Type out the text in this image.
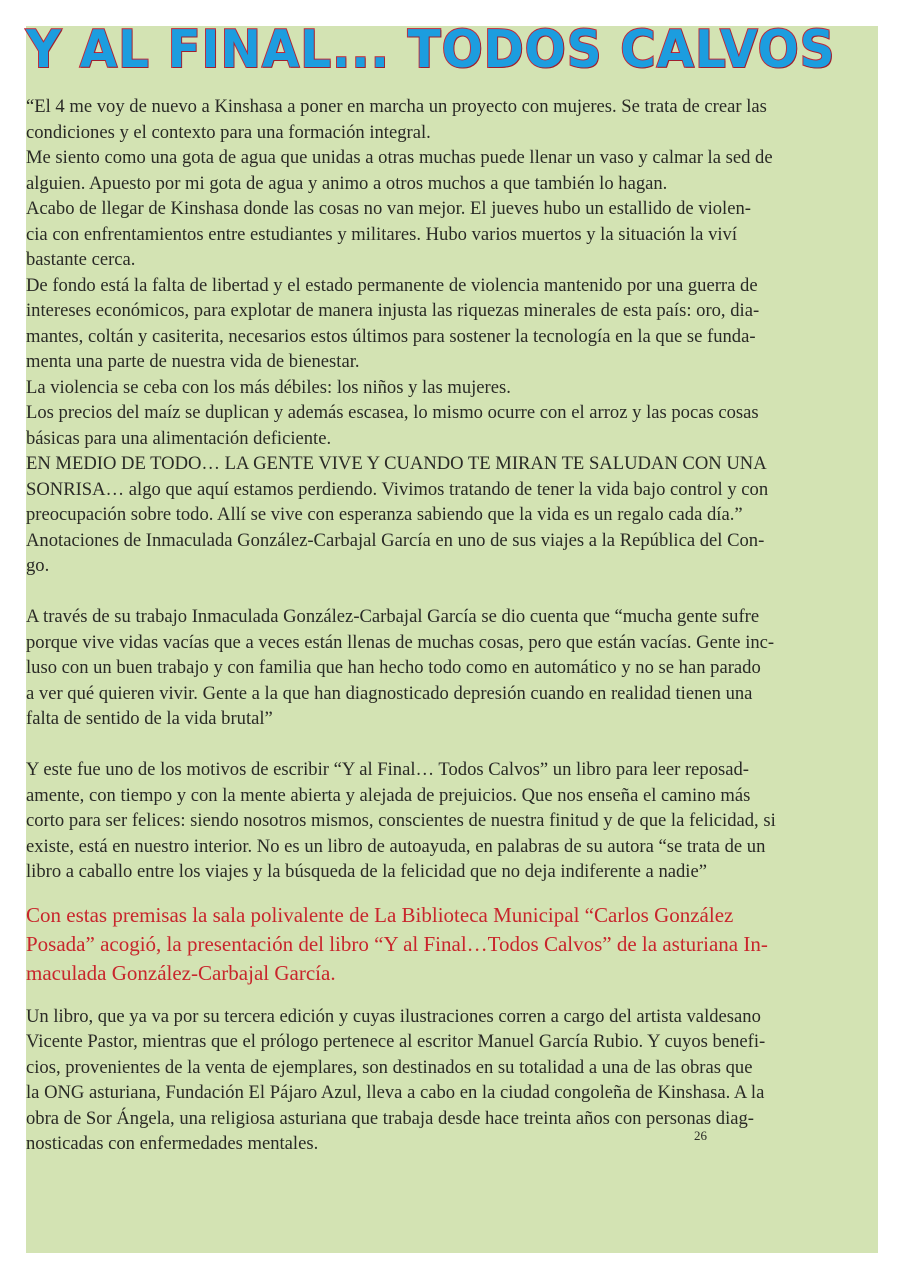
Y AL FINAL... TODOS CALVOS
“El 4 me voy de nuevo a Kinshasa a poner en marcha un proyecto con mujeres. Se trata de crear las
condiciones y el contexto para una formación integral.
Me siento como una gota de agua que unidas a otras muchas puede llenar un vaso y calmar la sed de
alguien. Apuesto por mi gota de agua y animo a otros muchos a que también lo hagan.
Acabo de llegar de Kinshasa donde las cosas no van mejor. El jueves hubo un estallido de violen-
cia con enfrentamientos entre estudiantes y militares. Hubo varios muertos y la situación la viví
bastante cerca.
De fondo está la falta de libertad y el estado permanente de violencia mantenido por una guerra de
intereses económicos, para explotar de manera injusta las riquezas minerales de esta país: oro, dia-
mantes, coltán y casiterita, necesarios estos últimos para sostener la tecnología en la que se funda-
menta una parte de nuestra vida de bienestar.
La violencia se ceba con los más débiles: los niños y las mujeres.
Los precios del maíz se duplican y además escasea, lo mismo ocurre con el arroz y las pocas cosas
básicas para una alimentación deficiente.
EN MEDIO DE TODO… LA GENTE VIVE Y CUANDO TE MIRAN TE SALUDAN CON UNA
SONRISA… algo que aquí estamos perdiendo. Vivimos tratando de tener la vida bajo control y con
preocupación sobre todo. Allí se vive con esperanza sabiendo que la vida es un regalo cada día.”
Anotaciones de Inmaculada González-Carbajal García en uno de sus viajes a la República del Con-
go.
A través de su trabajo Inmaculada González-Carbajal García se dio cuenta que “mucha gente sufre
porque vive vidas vacías que a veces están llenas de muchas cosas, pero que están vacías. Gente inc-
luso con un buen trabajo y con familia que han hecho todo como en automático y no se han parado
a ver qué quieren vivir. Gente a la que han diagnosticado depresión cuando en realidad tienen una
falta de sentido de la vida brutal”
Y este fue uno de los motivos de escribir “Y al Final… Todos Calvos” un libro para leer reposad-
amente, con tiempo y con la mente abierta y alejada de prejuicios. Que nos enseña el camino más
corto para ser felices: siendo nosotros mismos, conscientes de nuestra finitud y de que la felicidad, si
existe, está en nuestro interior. No es un libro de autoayuda, en palabras de su autora “se trata de un
libro a caballo entre los viajes y la búsqueda de la felicidad que no deja indiferente a nadie”
Con estas premisas la sala polivalente de La Biblioteca Municipal “Carlos González
Posada” acogió, la presentación del libro “Y al Final…Todos Calvos” de la asturiana In-
maculada González-Carbajal García.
Un libro, que ya va por su tercera edición y cuyas ilustraciones corren a cargo del artista valdesano
Vicente Pastor, mientras que el prólogo pertenece al escritor Manuel García Rubio. Y cuyos benefi-
cios, provenientes de la venta de ejemplares, son destinados en su totalidad a una de las obras que
la ONG asturiana, Fundación El Pájaro Azul, lleva a cabo en la ciudad congoleña de Kinshasa. A la
obra de Sor Ángela, una religiosa asturiana que trabaja desde hace treinta años con personas diag-
nosticadas con enfermedades mentales.	26
